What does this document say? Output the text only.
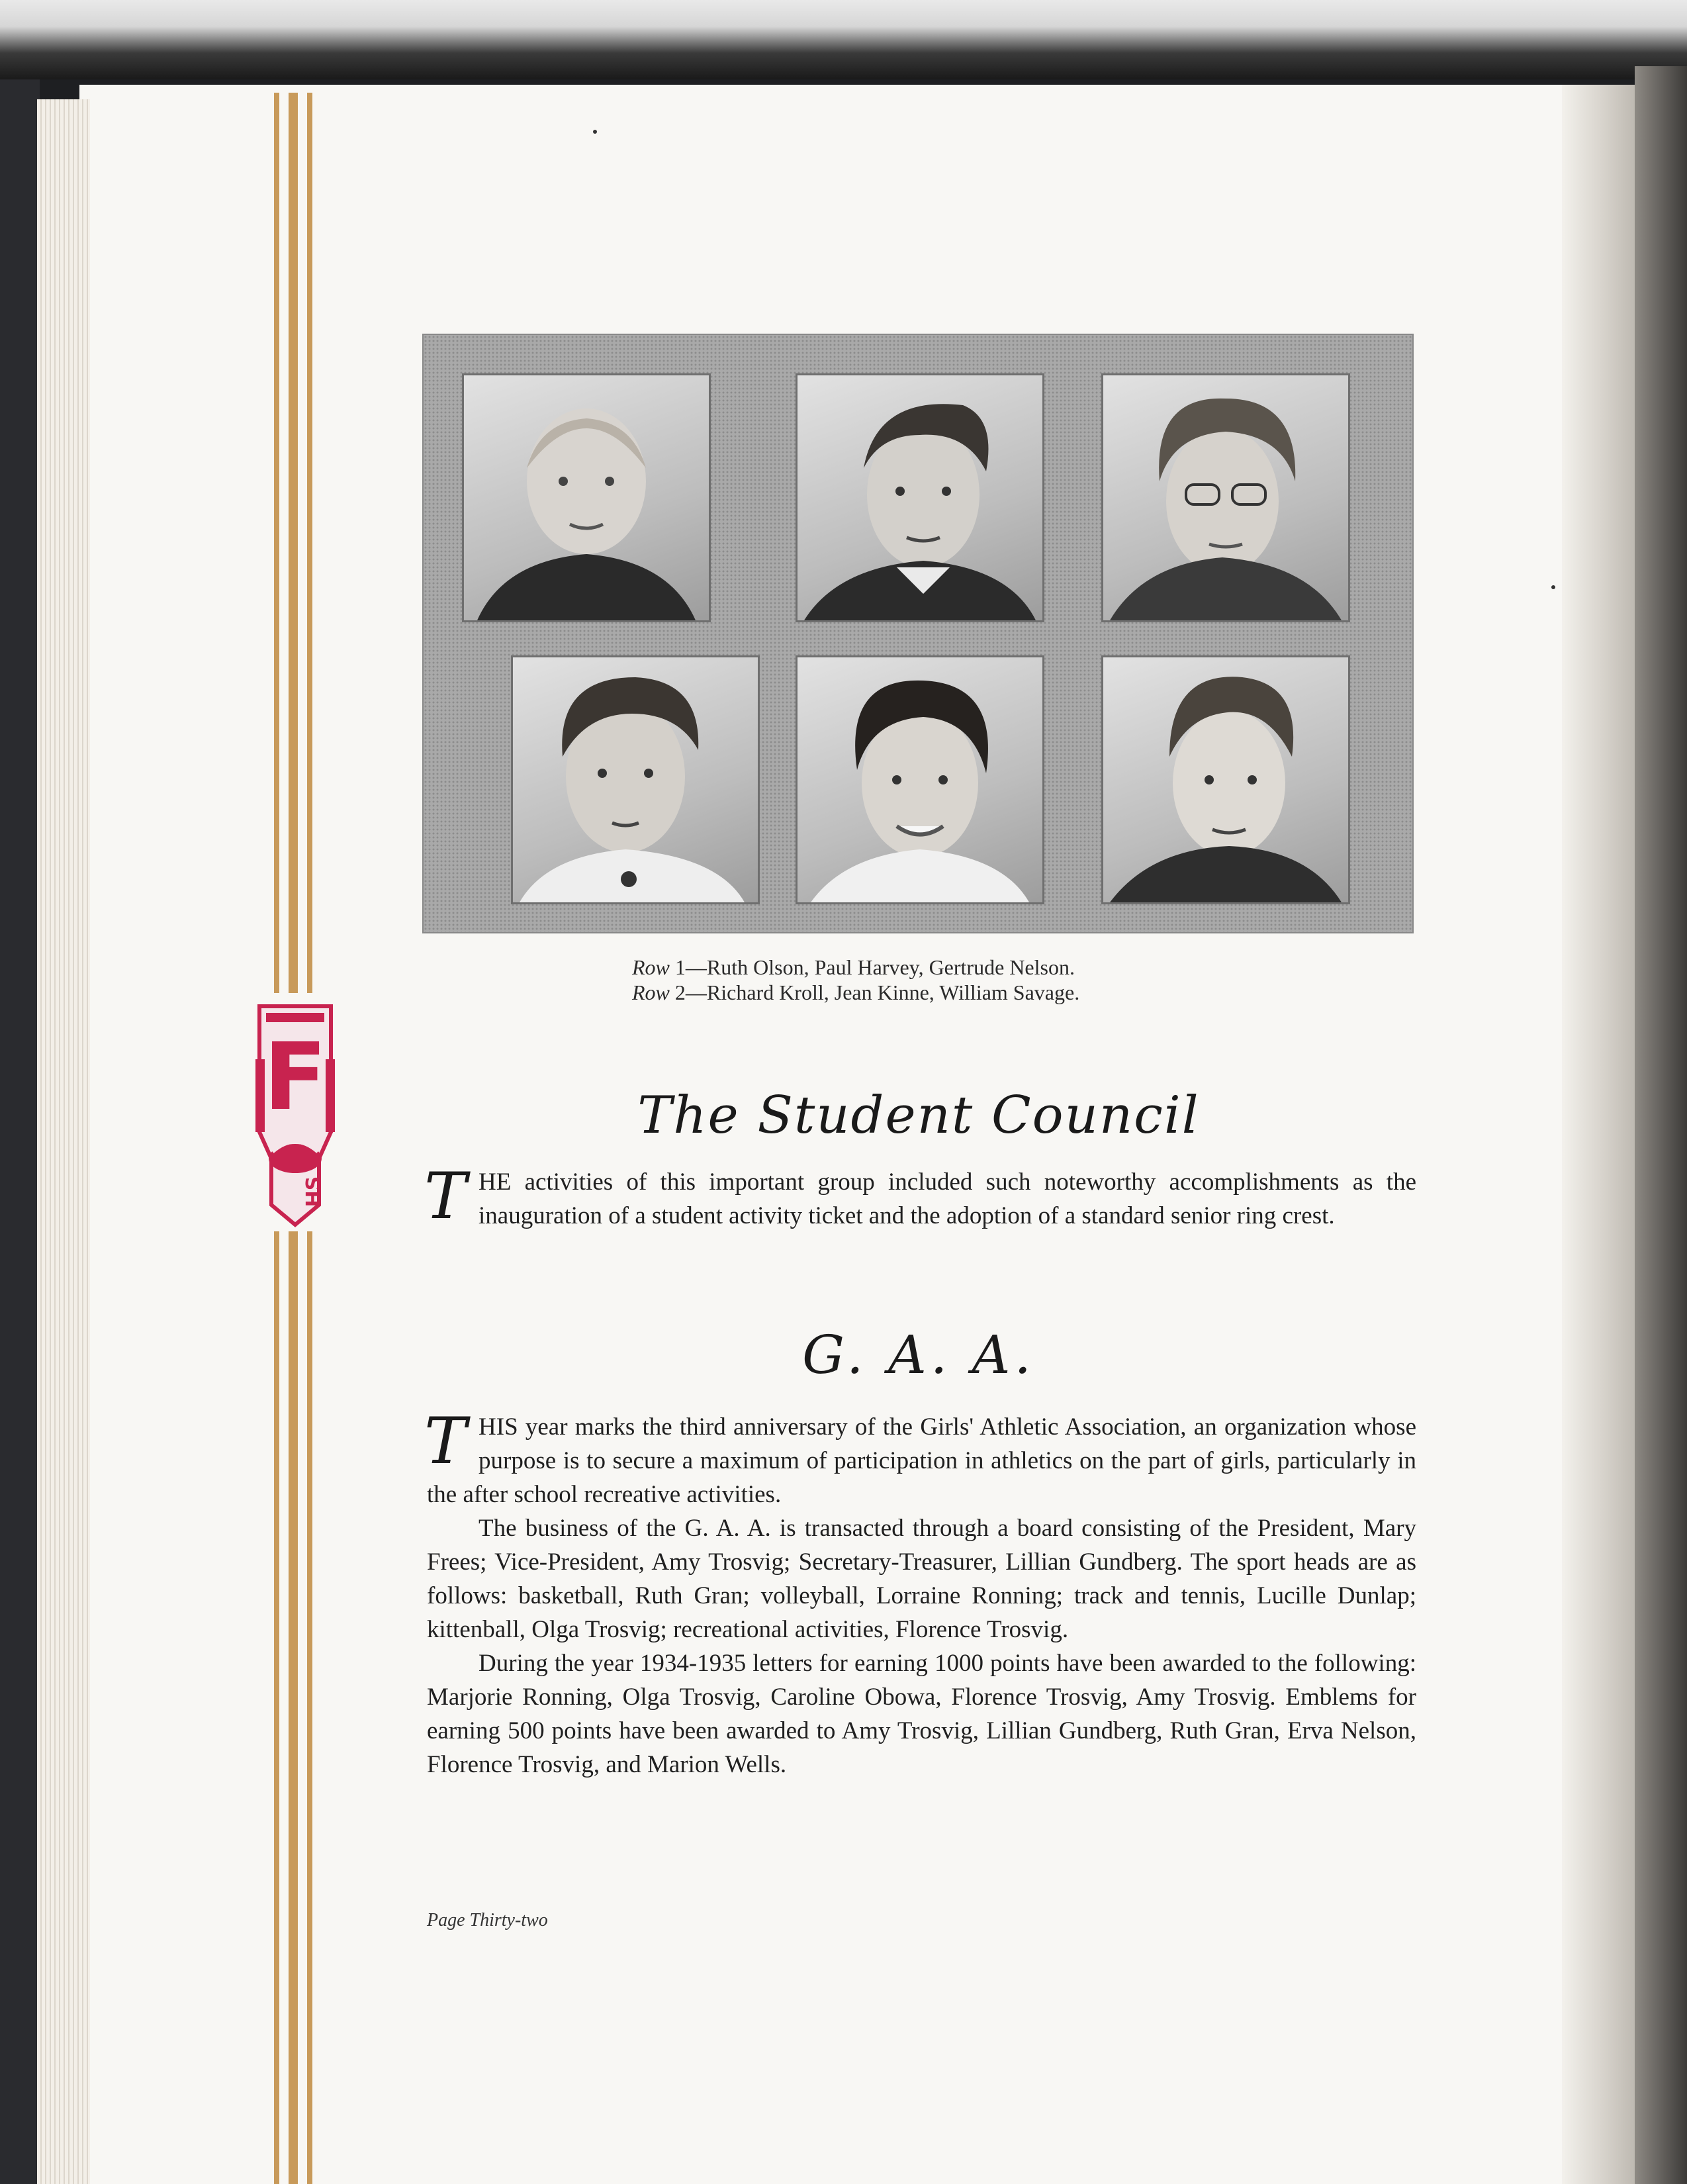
F
HS
Row 1—Ruth Olson, Paul Harvey, Gertrude Nelson.
Row 2—Richard Kroll, Jean Kinne, William Savage.
The Student Council
THE activities of this important group included such noteworthy accomplishments as the inauguration of a student activity ticket and the adoption of a standard senior ring crest.
G. A. A.

THIS year marks the third anniversary of the Girls' Athletic Association, an organization whose purpose is to secure a maximum of participation in athletics on the part of girls, particularly in the after school recreative activities.

The business of the G. A. A. is transacted through a board consisting of the President, Mary Frees; Vice-President, Amy Trosvig; Secretary-Treasurer, Lillian Gundberg. The sport heads are as follows: basketball, Ruth Gran; volleyball, Lorraine Ronning; track and tennis, Lucille Dunlap; kittenball, Olga Trosvig; recreational activities, Florence Trosvig.

During the year 1934-1935 letters for earning 1000 points have been awarded to the following: Marjorie Ronning, Olga Trosvig, Caroline Obowa, Florence Trosvig, Amy Trosvig. Emblems for earning 500 points have been awarded to Amy Trosvig, Lillian Gundberg, Ruth Gran, Erva Nelson, Florence Trosvig, and Marion Wells.

Page Thirty-two
